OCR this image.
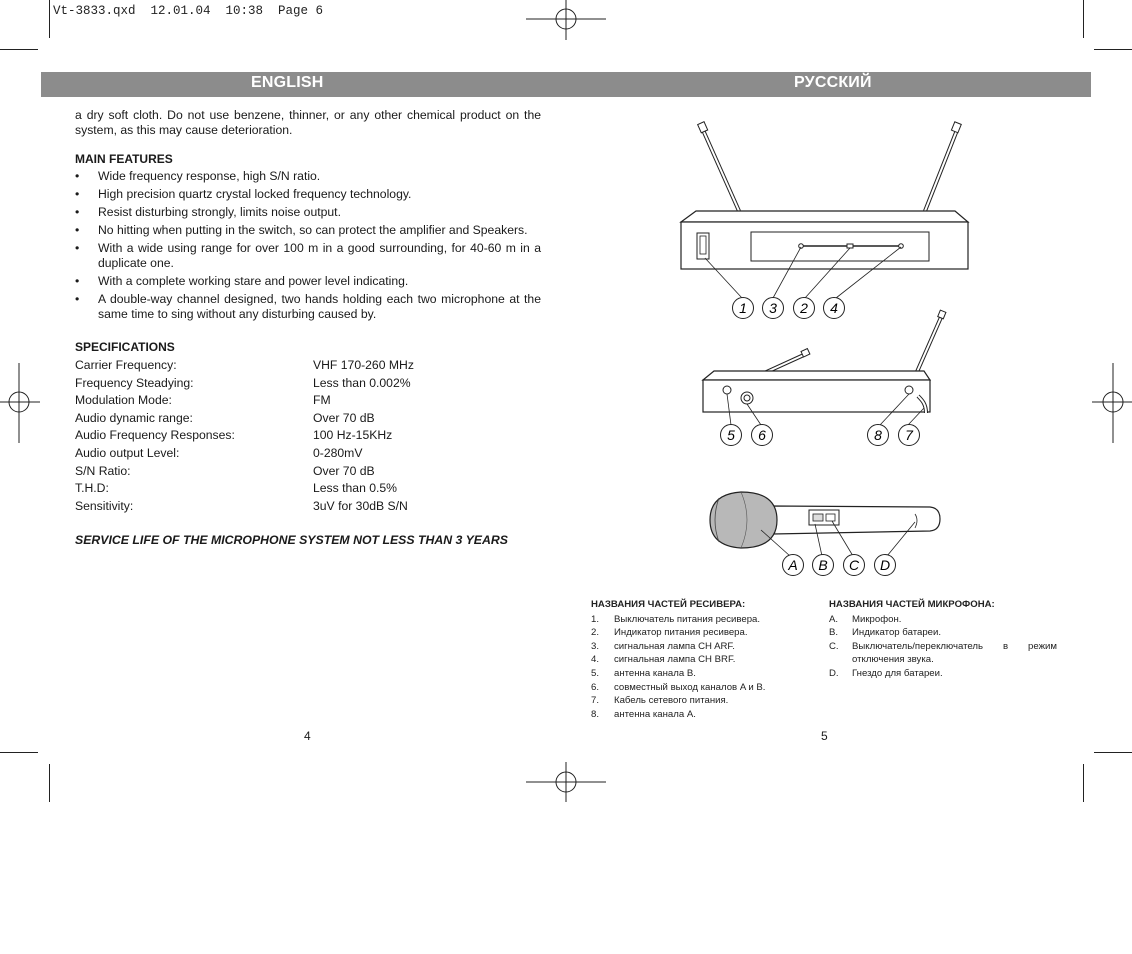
Vt-3833.qxd  12.01.04  10:38  Page 6
ENGLISH	РУССКИЙ

a dry soft cloth. Do not use benzene, thinner, or any other chemical product on the system, as this may cause deterioration.

MAIN FEATURES
• Wide frequency response, high S/N ratio.
• High precision quartz crystal locked frequency technology.
• Resist disturbing strongly, limits noise output.
• No hitting when putting in the switch, so can protect the amplifier and Speakers.
• With a wide using range for over 100 m in a good surrounding, for 40-60 m in a duplicate one.
• With a complete working stare and power level indicating.
• A double-way channel designed, two hands holding each two microphone at the same time to sing without any disturbing caused by.
SPECIFICATIONS
Carrier Frequency:	VHF 170-260 MHz
Frequency Steadying:	Less than 0.002%
Modulation Mode:	FM
Audio dynamic range:	Over 70 dB
Audio Frequency Responses:	100 Hz-15KHz
Audio output Level:	0-280mV
S/N Ratio:	Over 70 dB
T.H.D:	Less than 0.5%
Sensitivity:	3uV for 30dB S/N
SERVICE LIFE OF THE MICROPHONE SYSTEM NOT LESS THAN 3 YEARS
4	5
1 3 2 4
5 6	8 7
A B C D
НАЗВАНИЯ ЧАСТЕЙ РЕСИВЕРА:
1.	Выключатель питания ресивера.
2.	Индикатор питания ресивера.
3.	сигнальная лампа CH ARF.
4.	сигнальная лампа CH BRF.
5.	антенна канала B.
6.	совместный выход каналов A и B.
7.	Кабель сетевого питания.
8.	антенна канала А.
НАЗВАНИЯ ЧАСТЕЙ МИКРОФОНА:
A.	Микрофон.
B.	Индикатор батареи.
C.	Выключатель/переключатель в режим отключения звука.
D.	Гнездо для батареи.
